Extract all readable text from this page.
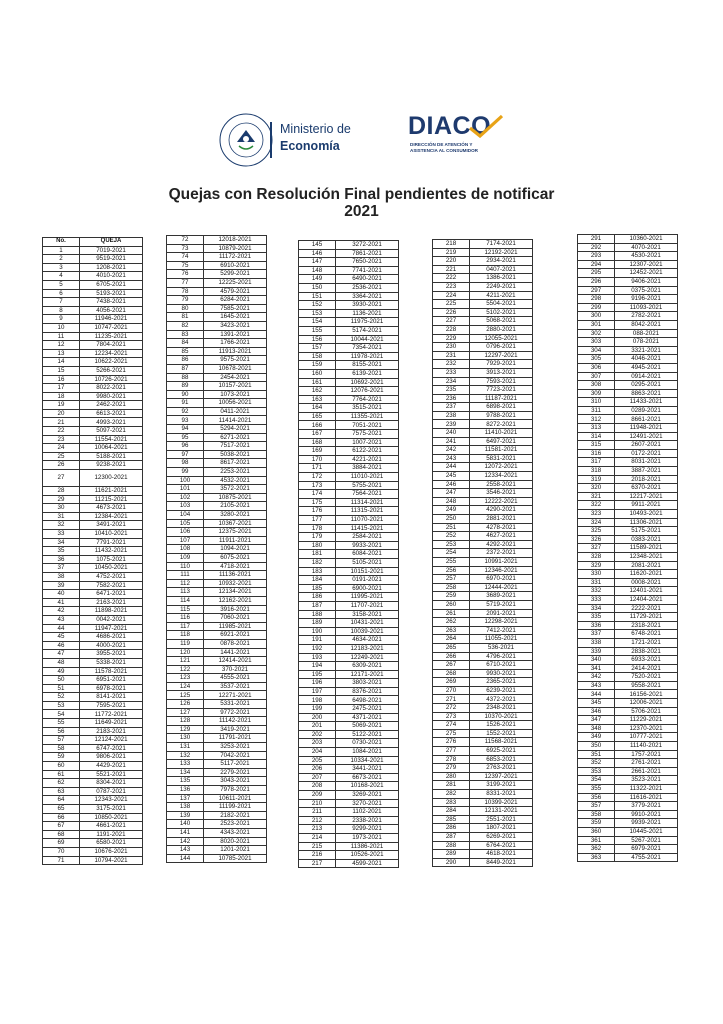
Ministerio de
Economía
DIACO
DIRECCIÓN DE ATENCIÓN Y
ASISTENCIA AL CONSUMIDOR
Quejas con Resolución Final pendientes de notificar
2021
No.	QUEJA
1	7019-2021
2	9519-2021
3	1208-2021
4	4010-2021
5	6705-2021
6	5193-2021
7	7438-2021
8	4056-2021
9	11946-2021
10	10747-2021
11	11235-2021
12	7804-2021
13	12234-2021
14	10622-2021
15	5266-2021
16	10726-2021
17	8022-2021
18	9980-2021
19	2462-2021
20	6613-2021
21	4993-2021
22	5097-2021
23	11554-2021
24	10064-2021
25	5188-2021
26	9238-2021
27	12300-2021
28	11621-2021
29	11215-2021
30	4673-2021
31	12384-2021
32	3491-2021
33	10410-2021
34	7791-2021
35	11432-2021
36	1075-2021
37	10450-2021
38	4752-2021
39	7582-2021
40	6471-2021
41	2163-2021
42	11898-2021
43	0042-2021
44	11947-2021
45	4686-2021
46	4000-2021
47	3955-2021
48	5338-2021
49	11578-2021
50	6951-2021
51	6978-2021
52	8141-2021
53	7595-2021
54	11772-2021
55	11649-2021
56	2183-2021
57	12124-2021
58	6747-2021
59	9806-2021
60	4429-2021
61	5521-2021
62	8304-2021
63	0787-2021
64	12343-2021
65	3175-2021
66	10850-2021
67	4661-2021
68	1191-2021
69	6580-2021
70	10676-2021
71	10794-2021
72	12018-2021
73	10879-2021
74	11172-2021
75	6910-2021
76	5299-2021
77	12225-2021
78	4579-2021
79	6284-2021
80	7585-2021
81	1645-2021
82	3423-2021
83	1391-2021
84	1766-2021
85	11913-2021
86	9575-2021
87	10678-2021
88	2454-2021
89	10157-2021
90	1073-2021
91	10056-2021
92	0411-2021
93	11414-2021
94	5294-2021
95	6271-2021
96	7517-2021
97	5038-2021
98	8617-2021
99	2253-2021
100	4532-2021
101	3572-2021
102	10875-2021
103	2105-2021
104	3280-2021
105	10367-2021
106	12375-2021
107	11911-2021
108	1094-2021
109	6075-2021
110	4718-2021
111	11136-2021
112	10932-2021
113	12134-2021
114	12162-2021
115	3916-2021
116	7060-2021
117	11985-2021
118	6921-2021
119	0878-2021
120	1441-2021
121	12414-2021
122	370-2021
123	4555-2021
124	3537-2021
125	12271-2021
126	5331-2021
127	9772-2021
128	11142-2021
129	3419-2021
130	11791-2021
131	3253-2021
132	7042-2021
133	5117-2021
134	2279-2021
135	3043-2021
136	7978-2021
137	10611-2021
138	11199-2021
139	2182-2021
140	2523-2021
141	4343-2021
142	8020-2021
143	1201-2021
144	10785-2021
145	3272-2021
146	7861-2021
147	7650-2021
148	7741-2021
149	6490-2021
150	2536-2021
151	3364-2021
152	3930-2021
153	1136-2021
154	11975-2021
155	5174-2021
156	10044-2021
157	7354-2021
158	11978-2021
159	8155-2021
160	6139-2021
161	10692-2021
162	12076-2021
163	7764-2021
164	3515-2021
165	11355-2021
166	7051-2021
167	7575-2021
168	1007-2021
169	6122-2021
170	4221-2021
171	3884-2021
172	11010-2021
173	5755-2021
174	7564-2021
175	11314-2021
176	11315-2021
177	11070-2021
178	11415-2021
179	2584-2021
180	9933-2021
181	6084-2021
182	5105-2021
183	10151-2021
184	0191-2021
185	6900-2021
186	11995-2021
187	11707-2021
188	3158-2021
189	10431-2021
190	10039-2021
191	4634-2021
192	12183-2021
193	12249-2021
194	6309-2021
195	12171-2021
196	3803-2021
197	8376-2021
198	6498-2021
199	2475-2021
200	4371-2021
201	5069-2021
202	5122-2021
203	0730-2021
204	1084-2021
205	10334-2021
206	3441-2021
207	6673-2021
208	10168-2021
209	3269-2021
210	3270-2021
211	1102-2021
212	2338-2021
213	9299-2021
214	1973-2021
215	11386-2021
216	10526-2021
217	4599-2021
218	7174-2021
219	12192-2021
220	2934-2021
221	0407-2021
222	1386-2021
223	2249-2021
224	4211-2021
225	5504-2021
226	5102-2021
227	5068-2021
228	2880-2021
229	12055-2021
230	0796-2021
231	12297-2021
232	7929-2021
233	3913-2021
234	7593-2021
235	7723-2021
236	11187-2021
237	6898-2021
238	9788-2021
239	8272-2021
240	11410-2021
241	6497-2021
242	11581-2021
243	5831-2021
244	12072-2021
245	12334-2021
246	2558-2021
247	3546-2021
248	12222-2021
249	4290-2021
250	2881-2021
251	4278-2021
252	4627-2021
253	4292-2021
254	2372-2021
255	10991-2021
256	12346-2021
257	6970-2021
258	12444-2021
259	3689-2021
260	5719-2021
261	2091-2021
262	12298-2021
263	7412-2021
264	11055-2021
265	536-2021
266	4796-2021
267	6710-2021
268	9930-2021
269	2365-2021
270	6239-2021
271	4372-2021
272	2348-2021
273	10370-2021
274	1526-2021
275	1552-2021
276	11568-2021
277	6925-2021
278	6853-2021
279	2763-2021
280	12397-2021
281	3199-2021
282	8331-2021
283	10399-2021
284	12131-2021
285	2551-2021
286	1807-2021
287	6269-2021
288	6764-2021
289	4618-2021
290	8449-2021
291	10360-2021
292	4070-2021
293	4530-2021
294	12307-2021
295	12452-2021
296	9406-2021
297	0375-2021
298	9196-2021
299	11093-2021
300	2782-2021
301	8042-2021
302	088-2021
303	078-2021
304	3321-2021
305	4046-2021
306	4945-2021
307	0914-2021
308	0295-2021
309	8863-2021
310	11433-2021
311	0289-2021
312	8661-2021
313	11948-2021
314	12491-2021
315	2607-2021
316	0172-2021
317	8031-2021
318	3887-2021
319	2018-2021
320	6370-2021
321	12217-2021
322	9911-2021
323	10493-2021
324	11306-2021
325	5175-2021
326	0383-2021
327	11589-2021
328	12348-2021
329	2081-2021
330	11620-2021
331	0008-2021
332	12401-2021
333	12404-2021
334	2222-2021
335	11729-2021
336	2318-2021
337	6748-2021
338	1721-2021
339	2838-2021
340	6933-2021
341	2414-2021
342	7520-2021
343	9558-2021
344	16156-2021
345	12006-2021
346	5706-2021
347	11229-2021
348	12370-2021
349	10777-2021
350	11140-2021
351	1757-2021
352	2761-2021
353	2661-2021
354	3523-2021
355	11322-2021
356	11616-2021
357	3779-2021
358	9910-2021
359	9939-2021
360	10445-2021
361	5267-2021
362	6979-2021
363	4755-2021
